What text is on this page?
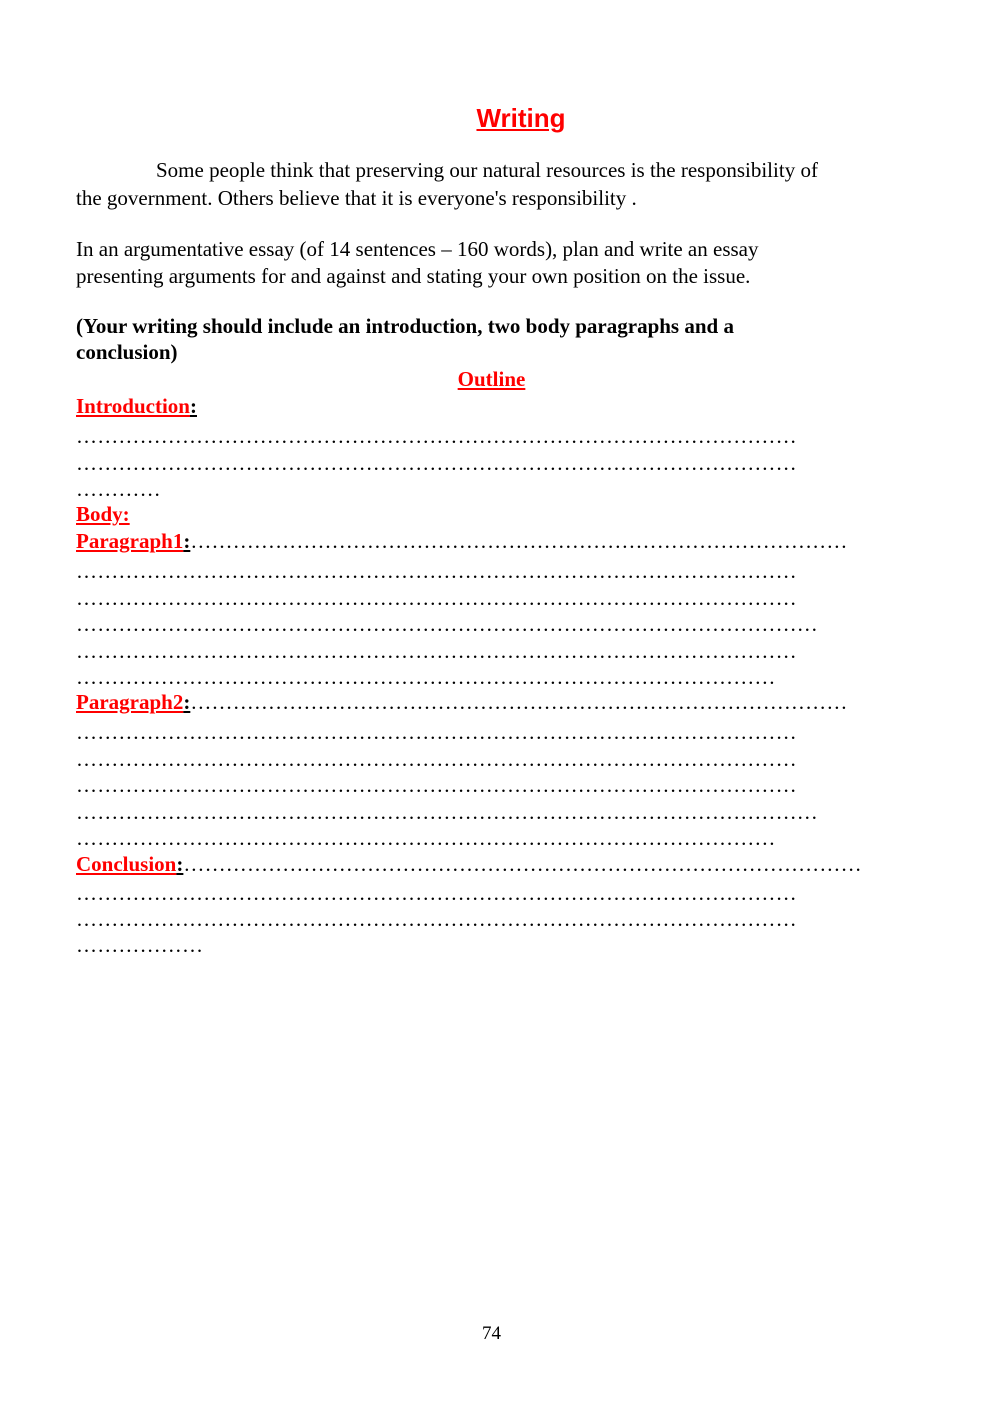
Writing

Some people think that preserving our natural resources is the responsibility of

the government. Others believe that it is everyone's responsibility .

In an argumentative essay (of 14 sentences – 160 words), plan and write an essay

presenting arguments for and against and stating your own position on the issue.

(Your writing should include an introduction, two body paragraphs and a

conclusion)

Outline
Introduction:
…………………………………………………………………………………………
…………………………………………………………………………………………
…………
Body:
Paragraph1:…………………………………………………………………………………
…………………………………………………………………………………………
…………………………………………………………………………………………
……………………………………………………………………………………………
…………………………………………………………………………………………
………………………………………………………………………………………
Paragraph2:…………………………………………………………………………………
…………………………………………………………………………………………
…………………………………………………………………………………………
…………………………………………………………………………………………
……………………………………………………………………………………………
………………………………………………………………………………………
Conclusion:……………………………………………………………………………………
…………………………………………………………………………………………
…………………………………………………………………………………………
………………
74
